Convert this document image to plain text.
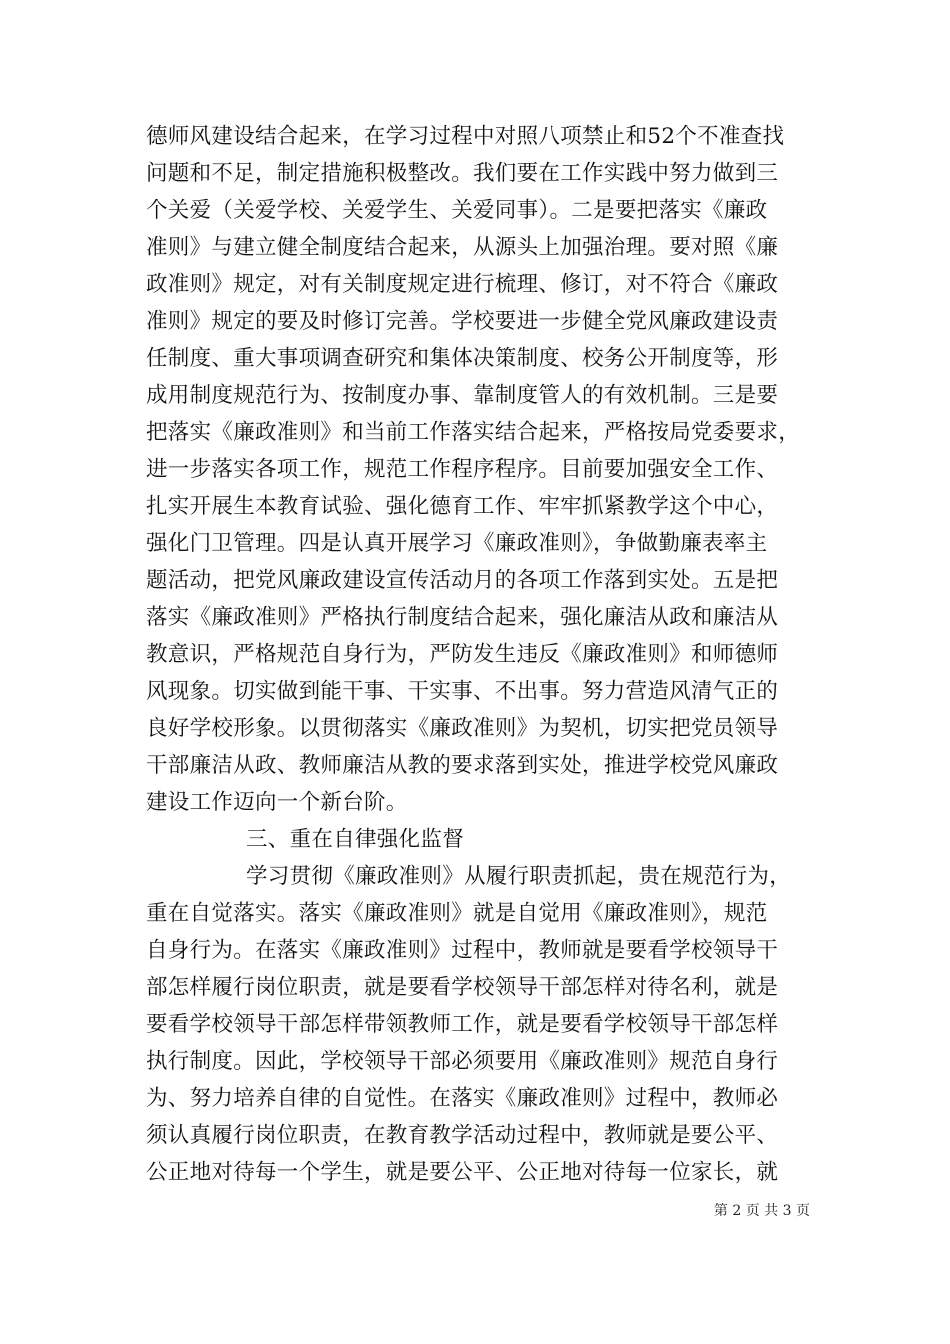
德师风建设结合起来，在学习过程中对照八项禁止和52个不准查找
问题和不足，制定措施积极整改。我们要在工作实践中努力做到三
个关爱（关爱学校、关爱学生、关爱同事）。二是要把落实《廉政
准则》与建立健全制度结合起来，从源头上加强治理。要对照《廉
政准则》规定，对有关制度规定进行梳理、修订，对不符合《廉政
准则》规定的要及时修订完善。学校要进一步健全党风廉政建设责
任制度、重大事项调查研究和集体决策制度、校务公开制度等，形
成用制度规范行为、按制度办事、靠制度管人的有效机制。三是要
把落实《廉政准则》和当前工作落实结合起来，严格按局党委要求，
进一步落实各项工作，规范工作程序程序。目前要加强安全工作、
扎实开展生本教育试验、强化德育工作、牢牢抓紧教学这个中心，
强化门卫管理。四是认真开展学习《廉政准则》，争做勤廉表率主
题活动，把党风廉政建设宣传活动月的各项工作落到实处。五是把
落实《廉政准则》严格执行制度结合起来，强化廉洁从政和廉洁从
教意识，严格规范自身行为，严防发生违反《廉政准则》和师德师
风现象。切实做到能干事、干实事、不出事。努力营造风清气正的
良好学校形象。以贯彻落实《廉政准则》为契机，切实把党员领导
干部廉洁从政、教师廉洁从教的要求落到实处，推进学校党风廉政
建设工作迈向一个新台阶。
三、重在自律强化监督
学习贯彻《廉政准则》从履行职责抓起，贵在规范行为，
重在自觉落实。落实《廉政准则》就是自觉用《廉政准则》，规范
自身行为。在落实《廉政准则》过程中，教师就是要看学校领导干
部怎样履行岗位职责，就是要看学校领导干部怎样对待名利，就是
要看学校领导干部怎样带领教师工作，就是要看学校领导干部怎样
执行制度。因此，学校领导干部必须要用《廉政准则》规范自身行
为、努力培养自律的自觉性。在落实《廉政准则》过程中，教师必
须认真履行岗位职责，在教育教学活动过程中，教师就是要公平、
公正地对待每一个学生，就是要公平、公正地对待每一位家长，就
第 2 页 共 3 页
